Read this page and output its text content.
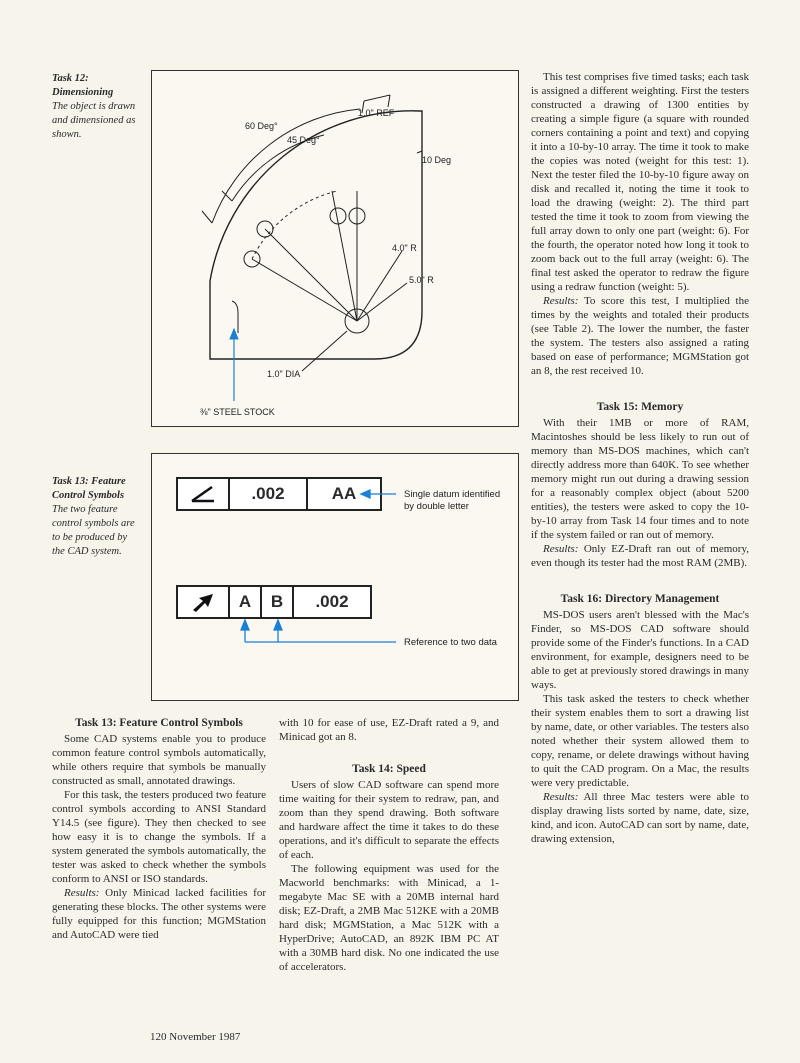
Task 12:
Dimensioning
The object is drawn and dimensioned as shown.
Task 13: Feature
Control Symbols
The two feature control symbols are to be produced by the CAD system.
1.0" REF
60 Deg°
45 Deg°
10 Deg
4.0" R
5.0" R
1.0" DIA
⅜" STEEL STOCK
.002	AA
A	B	.002
Single datum identified by double letter
Reference to two data
Task 13: Feature Control Symbols

Some CAD systems enable you to produce common feature control symbols automatically, while others require that symbols be manually constructed as small, annotated drawings.

For this task, the testers produced two feature control symbols according to ANSI Standard Y14.5 (see figure). They then checked to see how easy it is to change the symbols. If a system generated the symbols automatically, the tester was asked to check whether the symbols conform to ANSI or ISO standards.

Results: Only Minicad lacked facilities for generating these blocks. The other systems were fully equipped for this function; MGMStation and AutoCAD were tied

with 10 for ease of use, EZ-Draft rated a 9, and Minicad got an 8.

Task 14: Speed

Users of slow CAD software can spend more time waiting for their system to redraw, pan, and zoom than they spend drawing. Both software and hardware affect the time it takes to do these operations, and it's difficult to separate the effects of each.

The following equipment was used for the Macworld benchmarks: with Minicad, a 1-megabyte Mac SE with a 20MB internal hard disk; EZ-Draft, a 2MB Mac 512KE with a 20MB hard disk; MGMStation, a Mac 512K with a HyperDrive; AutoCAD, an 892K IBM PC AT with a 30MB hard disk. No one indicated the use of accelerators.

This test comprises five timed tasks; each task is assigned a different weighting. First the testers constructed a drawing of 1300 entities by creating a simple figure (a square with rounded corners containing a point and text) and copying it into a 10-by-10 array. The time it took to make the copies was noted (weight for this test: 1). Next the tester filed the 10-by-10 figure away on disk and recalled it, noting the time it took to load the drawing (weight: 2). The third part tested the time it took to zoom from viewing the full array down to only one part (weight: 6). For the fourth, the operator noted how long it took to zoom back out to the full array (weight: 6). The final test asked the operator to redraw the figure using a redraw function (weight: 5).

Results: To score this test, I multiplied the times by the weights and totaled their products (see Table 2). The lower the number, the faster the system. The testers also assigned a rating based on ease of performance; MGMStation got an 8, the rest received 10.

Task 15: Memory

With their 1MB or more of RAM, Macintoshes should be less likely to run out of memory than MS-DOS machines, which can't directly address more than 640K. To see whether memory might run out during a drawing session for a reasonably complex object (about 5200 entities), the testers were asked to copy the 10-by-10 array from Task 14 four times and to note if the system failed or ran out of memory.

Results: Only EZ-Draft ran out of memory, even though its tester had the most RAM (2MB).

Task 16: Directory Management

MS-DOS users aren't blessed with the Mac's Finder, so MS-DOS CAD software should provide some of the Finder's functions. In a CAD environment, for example, designers need to be able to get at previously stored drawings in many ways.

This task asked the testers to check whether their system enables them to sort a drawing list by name, date, or other variables. The testers also noted whether their system allowed them to copy, rename, or delete drawings without having to quit the CAD program. On a Mac, the results were very predictable.

Results: All three Mac testers were able to display drawing lists sorted by name, date, size, kind, and icon. AutoCAD can sort by name, date, drawing extension,

120 November 1987
